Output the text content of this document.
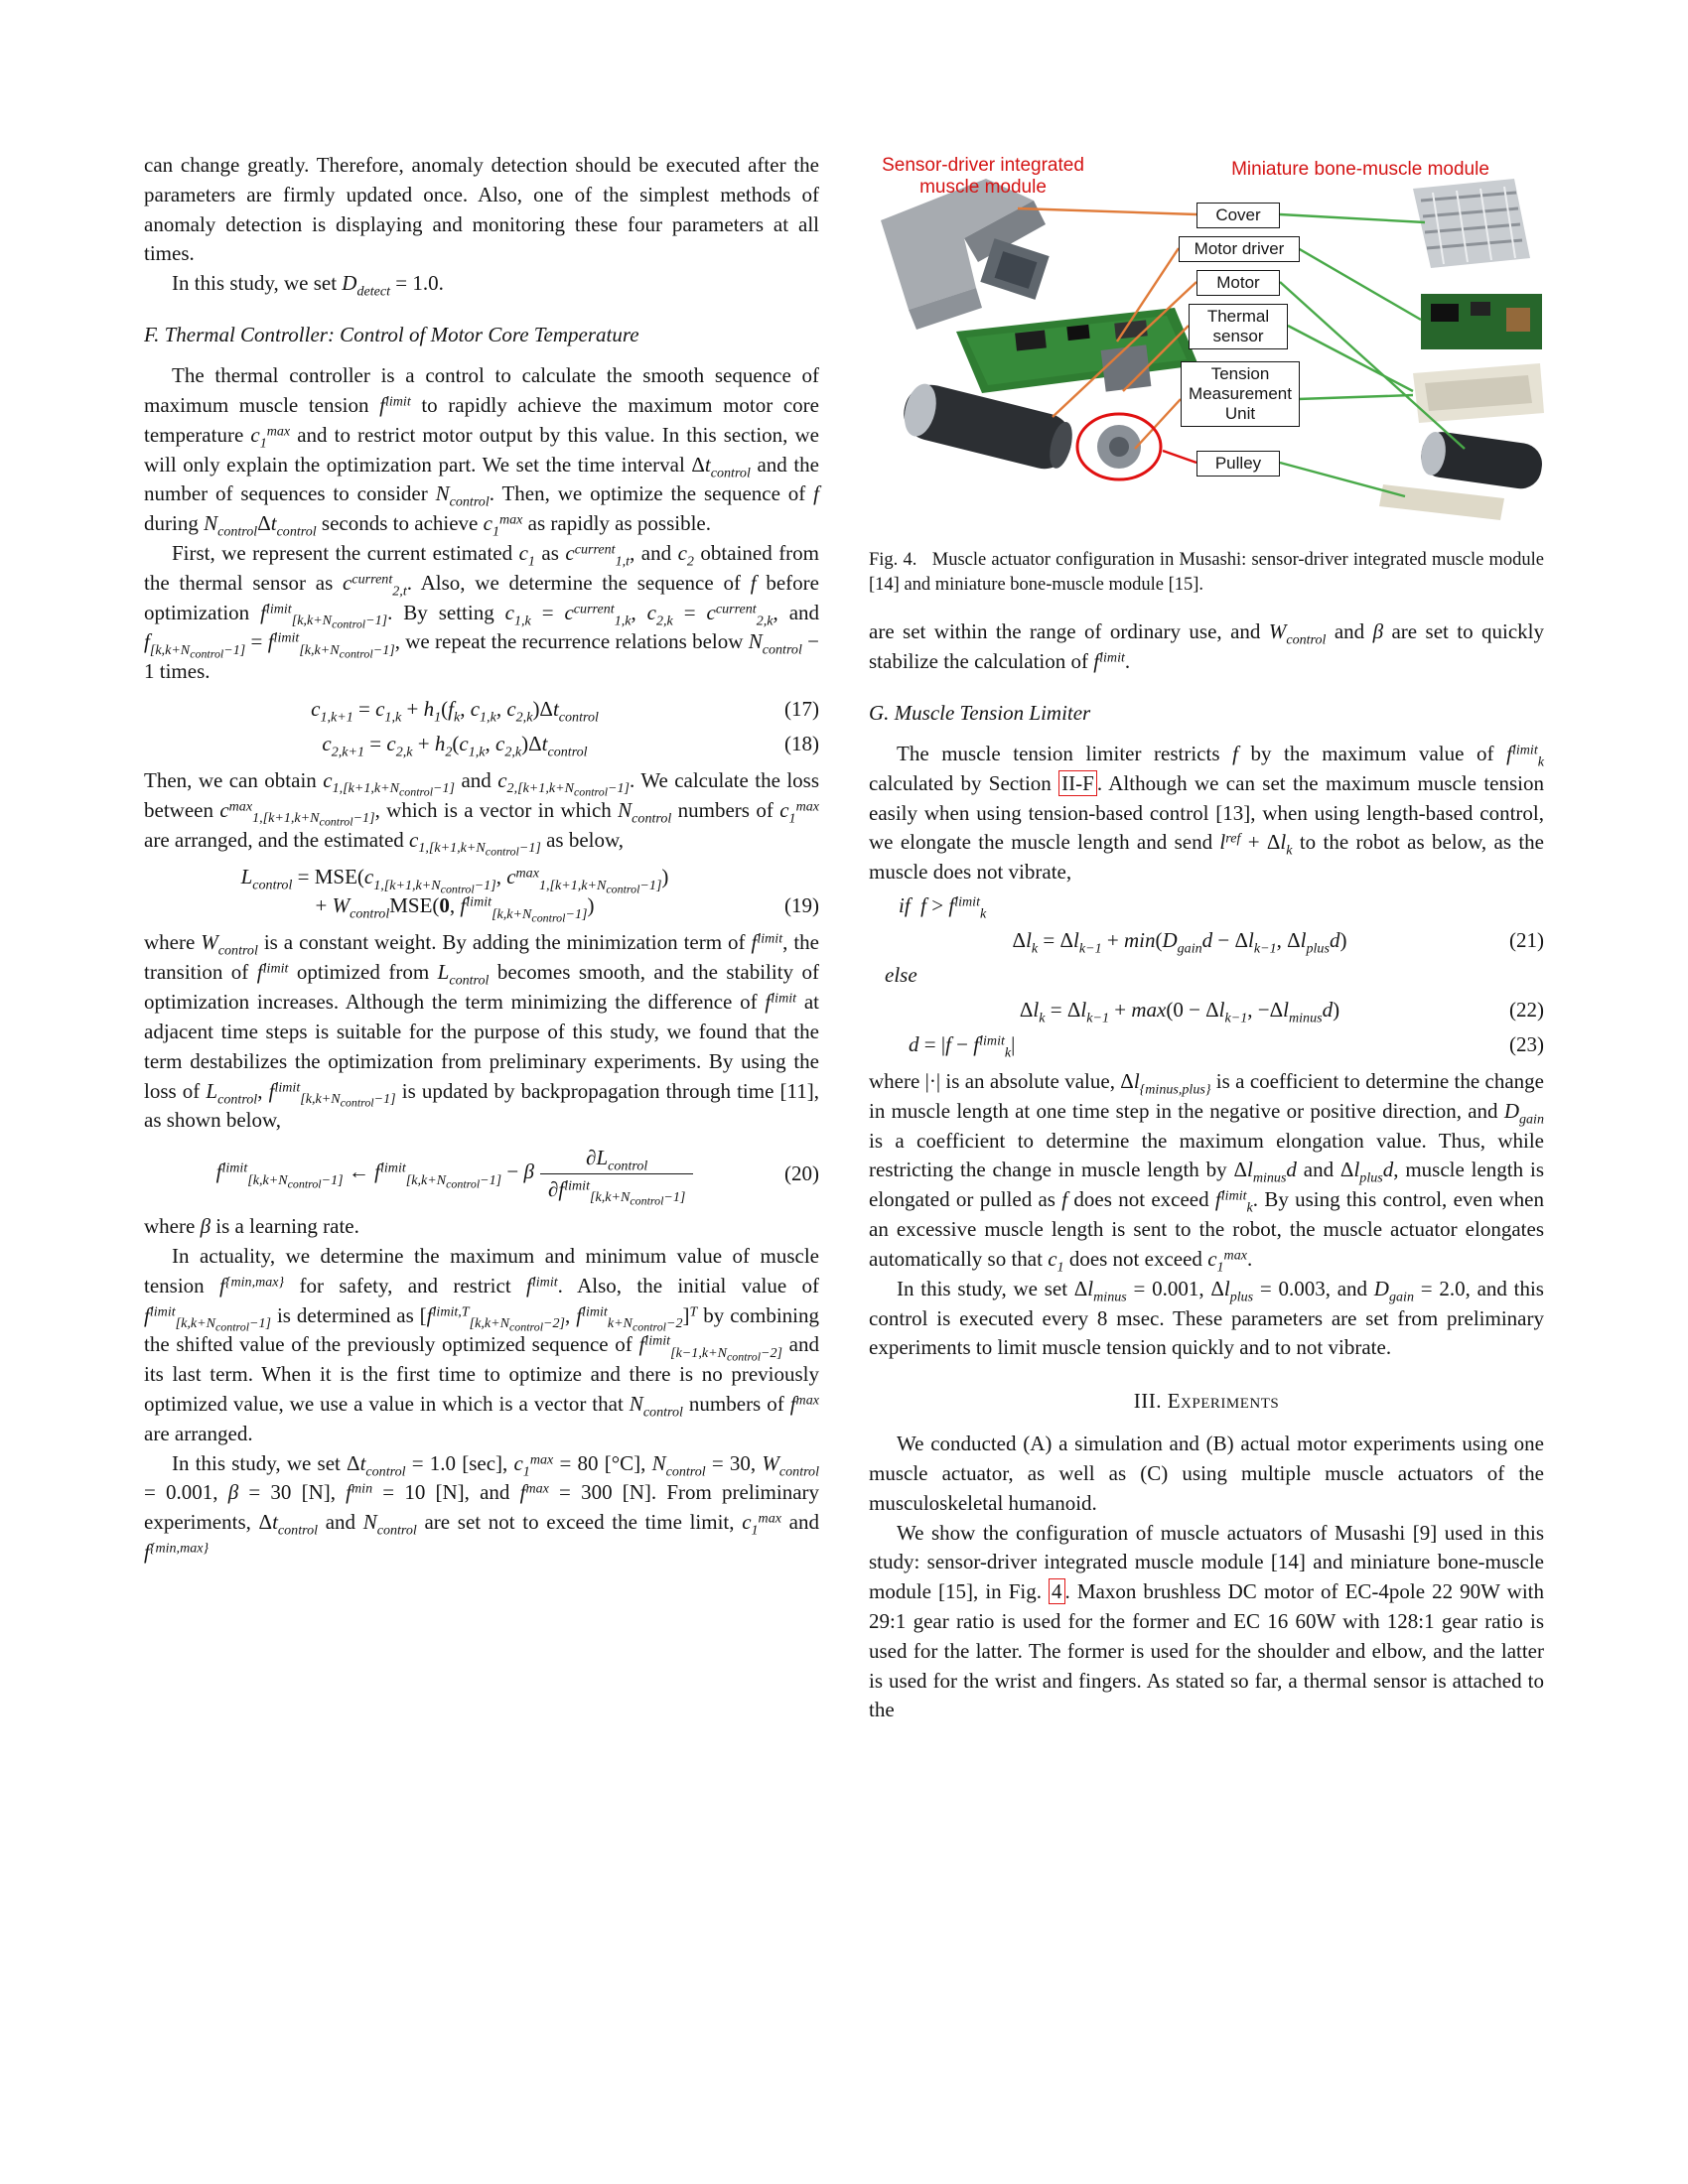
can change greatly. Therefore, anomaly detection should be executed after the parameters are firmly updated once. Also, one of the simplest methods of anomaly detection is displaying and monitoring these four parameters at all times.

In this study, we set $D_{detect} = 1.0$.

F. Thermal Controller: Control of Motor Core Temperature

The thermal controller is a control to calculate the smooth sequence of maximum muscle tension $f^{limit}$ to rapidly achieve the maximum motor core temperature $c_1^{max}$ and to restrict motor output by this value. In this section, we will only explain the optimization part. We set the time interval $\Delta t_{control}$ and the number of sequences to consider $N_{control}$. Then, we optimize the sequence of f during $N_{control}\Delta t_{control}$ seconds to achieve $c_1^{max}$ as rapidly as possible.

First, we represent the current estimated $c_1$ as $c^{current}_{1,t}$, and $c_2$ obtained from the thermal sensor as $c^{current}_{2,t}$. Also, we determine the sequence of f before optimization $f^{limit}_{[k,k+N_{control}-1]}$. By setting $c_{1,k} = c^{current}_{1,k}$, $c_{2,k} = c^{current}_{2,k}$, and $f_{[k,k+N_{control}-1]} = f^{limit}_{[k,k+N_{control}-1]}$, we repeat the recurrence relations below $N_{control} - 1$ times.

$c_{1,k+1} = c_{1,k} + h_1(f_k$, $c_{1,k}$, $c_{2,k})\Delta t_{control}$	(17)
$c_{2,k+1} = c_{2,k} + h_2(c_{1,k}$, $c_{2,k})\Delta t_{control}$	(18)

Then, we can obtain $c_{1,[k+1,k+N_{control}-1]}$ and $c_{2,[k+1,k+N_{control}-1]}$. We calculate the loss between $c^{max}_{1,[k+1,k+N_{control}-1]}$, which is a vector in which $N_{control}$ numbers of $c_1^{max}$ are arranged, and the estimated $c_{1,[k+1,k+N_{control}-1]}$ as below,

$L_{control} = MSE(c_{1,[k+1,k+N_{control}-1]}$, $c^{max}_{1,[k+1,k+N_{control}-1]}$)
+ $W_{control}MSE(0$, $f^{limit}_{[k,k+N_{control}-1]}$)	(19)

where $W_{control}$ is a constant weight. By adding the minimization term of $f^{limit}$, the transition of $f^{limit}$ optimized from $L_{control}$ becomes smooth, and the stability of optimization increases. Although the term minimizing the difference of $f^{limit}$ at adjacent time steps is suitable for the purpose of this study, we found that the term destabilizes the optimization from preliminary experiments. By using the loss of $L_{control}$, $f^{limit}_{[k,k+N_{control}-1]}$ is updated by backpropagation through time [11], as shown below,

$f^{limit}_{[k,k+N_{control}-1]}$ ← $f^{limit}_{[k,k+N_{control}-1]} - \beta \frac{\partial L_{control}}{\partial f^{limit}_{[k,k+N_{control}-1]}}$	(20)

where β is a learning rate.

In actuality, we determine the maximum and minimum value of muscle tension $f^{\{min,max\}}$ for safety, and restrict $f^{limit}$. Also, the initial value of $f^{limit}_{[k,k+N_{control}-1]}$ is determined as [$f^{limit,T}_{[k,k+N_{control}-2]}$, $f^{limit}_{k+N_{control}-2}]^T$ by combining the shifted value of the previously optimized sequence of $f^{limit}_{[k-1,k+N_{control}-2]}$ and its last term. When it is the first time to optimize and there is no previously optimized value, we use a value in which is a vector that $N_{control}$ numbers of $f^{max}$ are arranged.

In this study, we set $\Delta t_{control} = 1.0$ [sec], $c_1^{max} = 80$ [°C], $N_{control} = 30$, $W_{control} = 0.001$, β = 30 [N], $f^{min} = 10$ [N], and $f^{max} = 300$ [N]. From preliminary experiments, $\Delta t_{control}$ and $N_{control}$ are set not to exceed the time limit, $c_1^{max}$ and $f^{\{min,max\}}$

Sensor-driver integrated muscle module
Miniature bone-muscle module
Cover
Motor driver
Motor
Thermal sensor
Tension Measurement Unit
Pulley
Fig. 4.   Muscle actuator configuration in Musashi: sensor-driver integrated muscle module [14] and miniature bone-muscle module [15].

are set within the range of ordinary use, and $W_{control}$ and β are set to quickly stabilize the calculation of $f^{limit}$.

G. Muscle Tension Limiter

The muscle tension limiter restricts f by the maximum value of $f^{limit}_k$ calculated by Section II-F . Although we can set the maximum muscle tension easily when using tension-based control [13], when using length-based control, we elongate the muscle length and send $l^{ref} + \Delta l_k$ to the robot as below, as the muscle does not vibrate,

if $f > f^{limit}_k$
$\Delta l_k = \Delta l_{k-1} + \min(D_{gain}d - \Delta l_{k-1}$, $\Delta l_{plus}d$)	(21)
else
$\Delta l_k = \Delta l_{k-1} + \max(0 - \Delta l_{k-1}$, $-\Delta l_{minus}d$)	(22)
$d = |f - f^{limit}_k|$	(23)

where |·| is an absolute value, $\Delta l_{\{minus,plus\}}$ is a coefficient to determine the change in muscle length at one time step in the negative or positive direction, and $D_{gain}$ is a coefficient to determine the maximum elongation value. Thus, while restricting the change in muscle length by $\Delta l_{minus}d$ and $\Delta l_{plus}d$, muscle length is elongated or pulled as f does not exceed $f^{limit}_k$. By using this control, even when an excessive muscle length is sent to the robot, the muscle actuator elongates automatically so that $c_1$ does not exceed $c_1^{max}$.

In this study, we set $\Delta l_{minus} = 0.001$, $\Delta l_{plus} = 0.003$, and $D_{gain} = 2.0$, and this control is executed every 8 msec. These parameters are set from preliminary experiments to limit muscle tension quickly and to not vibrate.

III. Experiments

We conducted (A) a simulation and (B) actual motor experiments using one muscle actuator, as well as (C) using multiple muscle actuators of the musculoskeletal humanoid.

We show the configuration of muscle actuators of Musashi [9] used in this study: sensor-driver integrated muscle module [14] and miniature bone-muscle module [15], in Fig. 4 . Maxon brushless DC motor of EC-4pole 22 90W with 29:1 gear ratio is used for the former and EC 16 60W with 128:1 gear ratio is used for the latter. The former is used for the shoulder and elbow, and the latter is used for the wrist and fingers. As stated so far, a thermal sensor is attached to the
